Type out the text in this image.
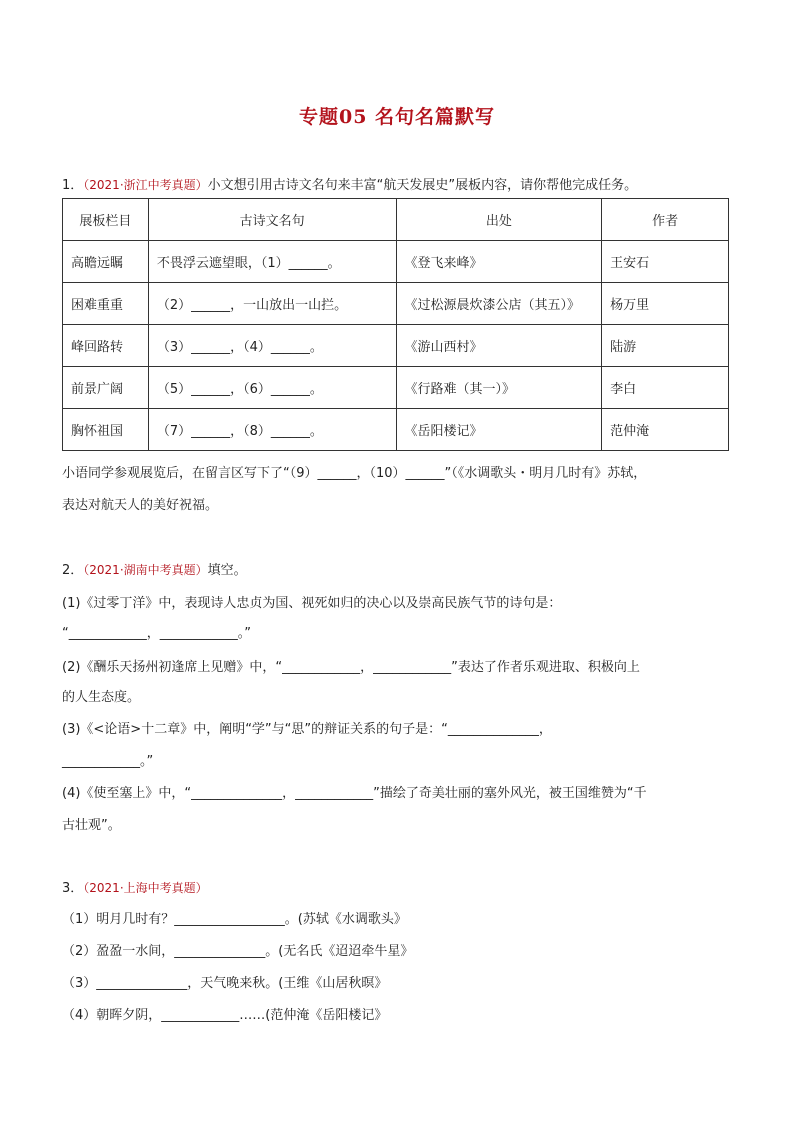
专题05 名句名篇默写
1．（2021·浙江中考真题）小文想引用古诗文名句来丰富“航天发展史”展板内容，请你帮他完成任务。
展板栏目	古诗文名句	出处	作者
高瞻远瞩	不畏浮云遮望眼，（1）______。	《登飞来峰》	王安石
困难重重	（2）______，一山放出一山拦。	《过松源晨炊漆公店（其五）》	杨万里
峰回路转	（3）______，（4）______。	《游山西村》	陆游
前景广阔	（5）______，（6）______。	《行路难（其一）》	李白
胸怀祖国	（7）______，（8）______。	《岳阳楼记》	范仲淹
小语同学参观展览后，在留言区写下了“（9）______，（10）______”（《水调歌头・明月几时有》苏轼，
表达对航天人的美好祝福。
2．（2021·湖南中考真题）填空。
(1)《过零丁洋》中，表现诗人忠贞为国、视死如归的决心以及崇高民族气节的诗句是：
“____________，____________。”
(2)《酬乐天扬州初逢席上见赠》中，“____________，____________”表达了作者乐观进取、积极向上
的人生态度。
(3)《<论语>十二章》中，阐明“学”与“思”的辩证关系的句子是：“______________，
____________。”
(4)《使至塞上》中，“______________，____________”描绘了奇美壮丽的塞外风光，被王国维赞为“千
古壮观”。
3．（2021·上海中考真题）
（1）明月几时有？_________________。(苏轼《水调歌头》
（2）盈盈一水间，______________。(无名氏《迢迢牵牛星》
（3）______________，天气晚来秋。(王维《山居秋暝》
（4）朝晖夕阴，____________……(范仲淹《岳阳楼记》
